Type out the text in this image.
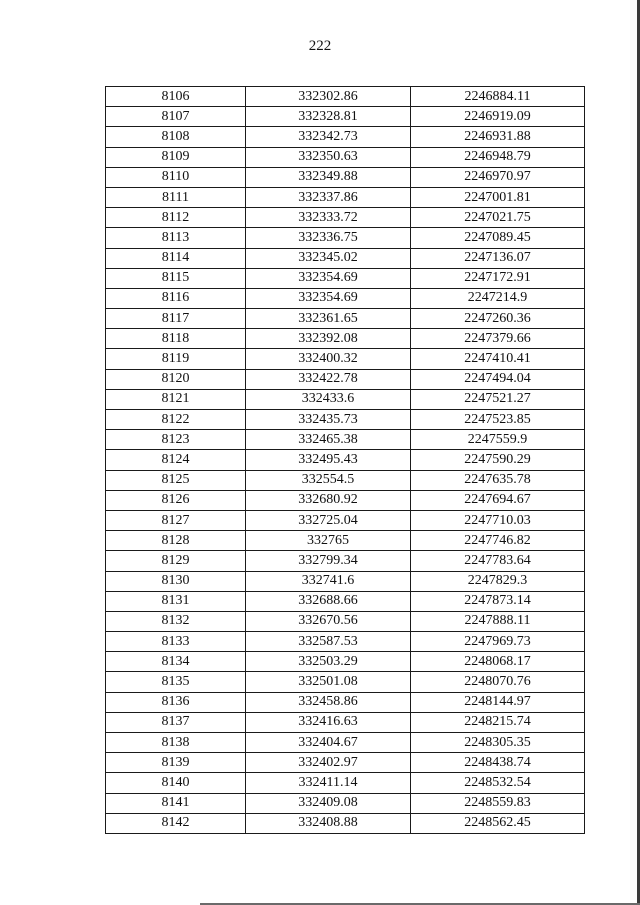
222
8106	332302.86	2246884.11
8107	332328.81	2246919.09
8108	332342.73	2246931.88
8109	332350.63	2246948.79
8110	332349.88	2246970.97
8111	332337.86	2247001.81
8112	332333.72	2247021.75
8113	332336.75	2247089.45
8114	332345.02	2247136.07
8115	332354.69	2247172.91
8116	332354.69	2247214.9
8117	332361.65	2247260.36
8118	332392.08	2247379.66
8119	332400.32	2247410.41
8120	332422.78	2247494.04
8121	332433.6	2247521.27
8122	332435.73	2247523.85
8123	332465.38	2247559.9
8124	332495.43	2247590.29
8125	332554.5	2247635.78
8126	332680.92	2247694.67
8127	332725.04	2247710.03
8128	332765	2247746.82
8129	332799.34	2247783.64
8130	332741.6	2247829.3
8131	332688.66	2247873.14
8132	332670.56	2247888.11
8133	332587.53	2247969.73
8134	332503.29	2248068.17
8135	332501.08	2248070.76
8136	332458.86	2248144.97
8137	332416.63	2248215.74
8138	332404.67	2248305.35
8139	332402.97	2248438.74
8140	332411.14	2248532.54
8141	332409.08	2248559.83
8142	332408.88	2248562.45
